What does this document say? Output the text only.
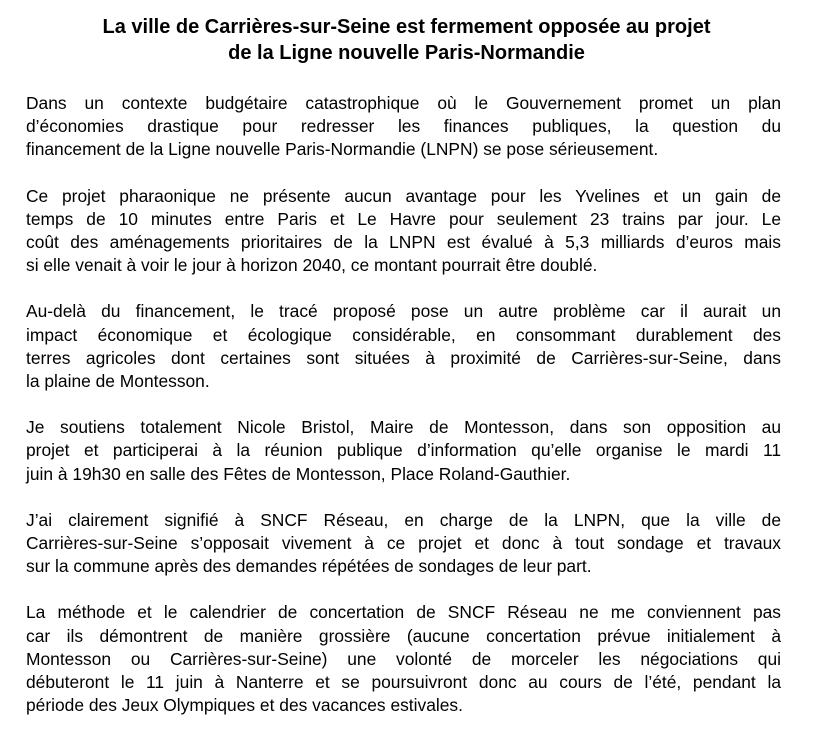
La ville de Carrières-sur-Seine est fermement opposée au projet
de la Ligne nouvelle Paris-Normandie

Dans un contexte budgétaire catastrophique où le Gouvernement promet un plan
d’économies drastique pour redresser les finances publiques, la question du
financement de la Ligne nouvelle Paris-Normandie (LNPN) se pose sérieusement.

Ce projet pharaonique ne présente aucun avantage pour les Yvelines et un gain de
temps de 10 minutes entre Paris et Le Havre pour seulement 23 trains par jour. Le
coût des aménagements prioritaires de la LNPN est évalué à 5,3 milliards d’euros mais
si elle venait à voir le jour à horizon 2040, ce montant pourrait être doublé.

Au-delà du financement, le tracé proposé pose un autre problème car il aurait un
impact économique et écologique considérable, en consommant durablement des
terres agricoles dont certaines sont situées à proximité de Carrières-sur-Seine, dans
la plaine de Montesson.

Je soutiens totalement Nicole Bristol, Maire de Montesson, dans son opposition au
projet et participerai à la réunion publique d’information qu’elle organise le mardi 11
juin à 19h30 en salle des Fêtes de Montesson, Place Roland-Gauthier.

J’ai clairement signifié à SNCF Réseau, en charge de la LNPN, que la ville de
Carrières-sur-Seine s’opposait vivement à ce projet et donc à tout sondage et travaux
sur la commune après des demandes répétées de sondages de leur part.

La méthode et le calendrier de concertation de SNCF Réseau ne me conviennent pas
car ils démontrent de manière grossière (aucune concertation prévue initialement à
Montesson ou Carrières-sur-Seine) une volonté de morceler les négociations qui
débuteront le 11 juin à Nanterre et se poursuivront donc au cours de l’été, pendant la
période des Jeux Olympiques et des vacances estivales.
